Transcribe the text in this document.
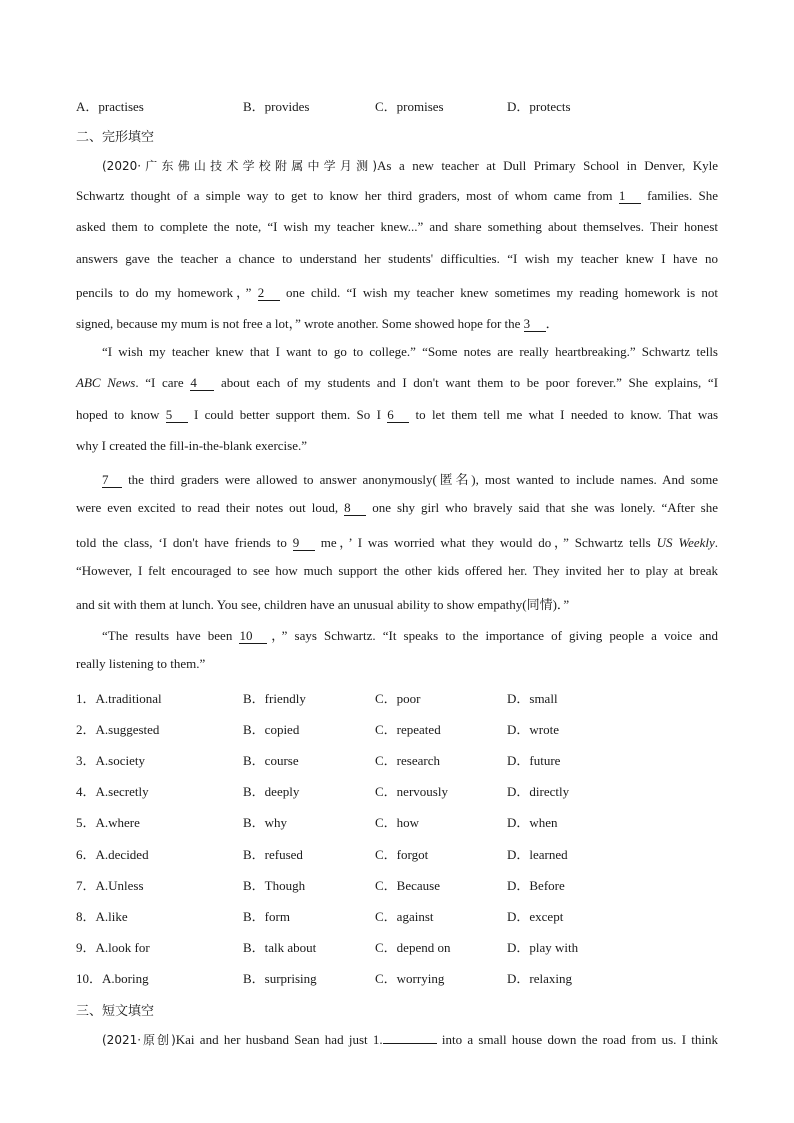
A．practises	B．provides	C．promises	D．protects
二、完形填空
(2020·广东佛山技术学校附属中学月测)As a new teacher at Dull Primary School in Denver, Kyle
Schwartz thought of a simple way to get to know her third graders, most of whom came from 1 families. She
asked them to complete the note, “I wish my teacher knew...” and share something about themselves. Their honest
answers gave the teacher a chance to understand her students' difficulties. “I wish my teacher knew I have no
pencils to do my homework，” 2 one child. “I wish my teacher knew sometimes my reading homework is not
signed, because my mum is not free a lot，” wrote another. Some showed hope for the 3 ．
“I wish my teacher knew that I want to go to college.” “Some notes are really heartbreaking.” Schwartz tells
ABC News. “I care 4 about each of my students and I don't want them to be poor forever.” She explains, “I
hoped to know 5 I could better support them. So I 6 to let them tell me what I needed to know. That was
why I created the fill-in-the-blank exercise.”
7 the third graders were allowed to answer anonymously(匿名), most wanted to include names. And some
were even excited to read their notes out loud, 8 one shy girl who bravely said that she was lonely. “After she
told the class, ‘I don't have friends to 9 me，’ I was worried what they would do，” Schwartz tells US Weekly.
“However, I felt encouraged to see how much support the other kids offered her. They invited her to play at break
and sit with them at lunch. You see, children have an unusual ability to show empathy(同情)．”
“The results have been 10 ，” says Schwartz. “It speaks to the importance of giving people a voice and
really listening to them.”
1．A.traditional	B．friendly	C．poor	D．small
2．A.suggested	B．copied	C．repeated	D．wrote
3．A.society	B．course	C．research	D．future
4．A.secretly	B．deeply	C．nervously	D．directly
5．A.where	B．why	C．how	D．when
6．A.decided	B．refused	C．forgot	D．learned
7．A.Unless	B．Though	C．Because	D．Before
8．A.like	B．form	C．against	D．except
9．A.look for	B．talk about	C．depend on	D．play with
10．A.boring	B．surprising	C．worrying	D．relaxing
三、短文填空
(2021·原创)Kai and her husband Sean had just 1.	into a small house down the road from us. I think
